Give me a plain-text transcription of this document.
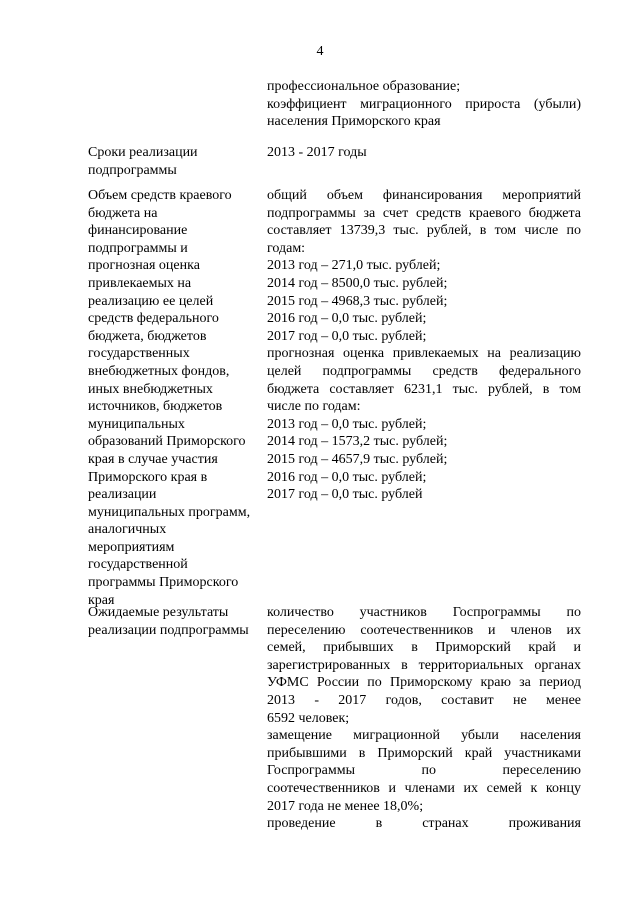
4
профессиональное образование;
коэффициент миграционного прироста (убыли)
населения Приморского края
Сроки реализации
подпрограммы
2013 - 2017 годы
Объем средств краевого
бюджета на
финансирование
подпрограммы и
прогнозная оценка
привлекаемых на
реализацию ее целей
средств федерального
бюджета, бюджетов
государственных
внебюджетных фондов,
иных внебюджетных
источников, бюджетов
муниципальных
образований Приморского
края в случае участия
Приморского края в
реализации
муниципальных программ,
аналогичных
мероприятиям
государственной
программы Приморского
края
общий объем финансирования мероприятий
подпрограммы за счет средств краевого бюджета
составляет 13739,3 тыс. рублей, в том числе по
годам:
2013 год – 271,0 тыс. рублей;
2014 год – 8500,0 тыс. рублей;
2015 год – 4968,3 тыс. рублей;
2016 год – 0,0 тыс. рублей;
2017 год – 0,0 тыс. рублей;
прогнозная оценка привлекаемых на реализацию
целей подпрограммы средств федерального
бюджета составляет 6231,1 тыс. рублей, в том
числе по годам:
2013 год – 0,0 тыс. рублей;
2014 год – 1573,2 тыс. рублей;
2015 год – 4657,9 тыс. рублей;
2016 год – 0,0 тыс. рублей;
2017 год – 0,0 тыс. рублей
Ожидаемые результаты
реализации подпрограммы
количество участников Госпрограммы по
переселению соотечественников и членов их
семей, прибывших в Приморский край и
зарегистрированных в территориальных органах
УФМС России по Приморскому краю за период
2013 - 2017 годов, составит не менее
6592 человек;
замещение миграционной убыли населения
прибывшими в Приморский край участниками
Госпрограммы по переселению
соотечественников и членами их семей к концу
2017 года не менее 18,0%;
проведение в странах проживания
